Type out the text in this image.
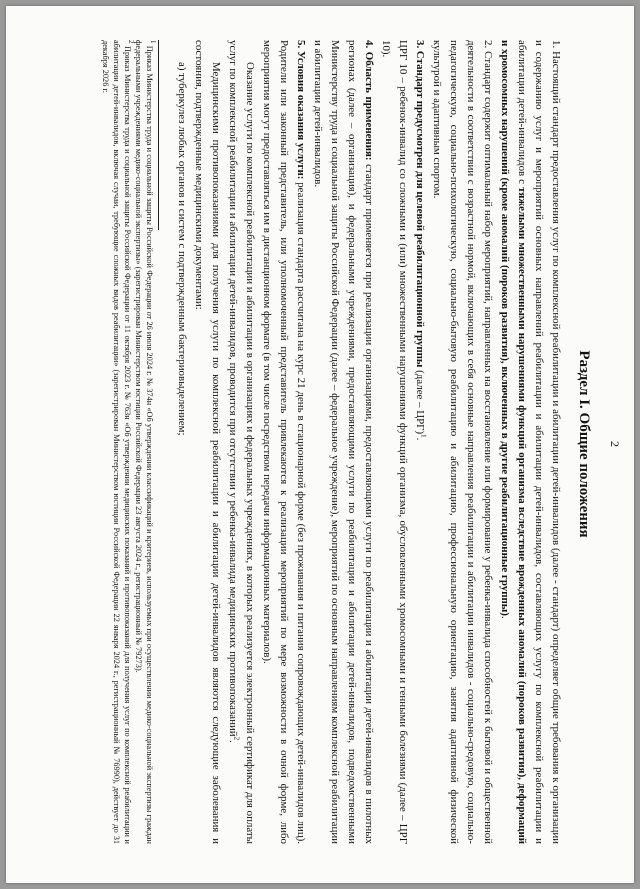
2
Раздел I. Общие положения

1. Настоящий стандарт предоставления услуг по комплексной реабилитации и абилитации детей-инвалидов (далее - стандарт) определяет общие требования к организации и содержанию услуг и мероприятий основных направлений реабилитации и абилитации детей-инвалидов, составляющих услугу по комплексной реабилитации и абилитации детей-инвалидов с тяжелыми множественными нарушениями функций организма вследствие врожденных аномалий (пороков развития), деформаций и хромосомных нарушений (кроме аномалий (пороков развития), включенных в другие реабилитационные группы).

2. Стандарт содержит оптимальный набор мероприятий, направленных на восстановление или формирование у ребенка-инвалида способностей к бытовой и общественной деятельности в соответствии с возрастной нормой, включающих в себя основные направления реабилитации и абилитации инвалидов - социально-средовую, социально-педагогическую, социально-психологическую, социально-бытовую реабилитацию и абилитацию, профессиональную ориентацию, занятия адаптивной физической культурой и адаптивным спортом.

3. Стандарт предусмотрен для целевой реабилитационной группы (далее – ЦРГ)$^1$.

ЦРГ 10 – ребенок-инвалид со сложными и (или) множественными нарушениями функций организма, обусловленными хромосомными и генными болезнями (далее – ЦРГ 10).

4. Область применения: стандарт применяется при реализации организациями, предоставляющими услуги по реабилитации и абилитации детей-инвалидов в пилотных регионах (далее – организация), и федеральными учреждениями, предоставляющими услуги по реабилитации и абилитации детей-инвалидов, подведомственными Министерству труда и социальной защиты Российской Федерации (далее – федеральное учреждение), мероприятий по основным направлениям комплексной реабилитации и абилитации детей-инвалидов.

5. Условия оказания услуги: реализация стандарта рассчитана на курс 21 день в стационарной форме (без проживания и питания сопровождающих детей-инвалидов лиц). Родители или законный представитель, или уполномоченный представитель привлекаются к реализации мероприятий по мере возможности в очной форме, либо мероприятия могут предоставляться им в дистанционном формате (в том числе посредством передачи информационных материалов).

Оказание услуги по комплексной реабилитации и абилитации в организациях и федеральных учреждениях, в которых реализуется электронный сертификат для оплаты услуг по комплексной реабилитации и абилитации детей-инвалидов, проводится при отсутствии у ребенка-инвалида медицинских противопоказаний$^2$.

Медицинскими противопоказаниями для получения услуги по комплексной реабилитации и абилитации детей-инвалидов являются следующие заболевания и состояния, подтвержденные медицинскими документами:

а) туберкулез любых органов и систем с подтвержденным бактериовыделением;

$^1$ Приказ Министерства труда и социальной защиты Российской Федерации от 26 июля 2024 г. № 374н «Об утверждении классификаций и критериев, используемых при осуществлении медико-социальной экспертизы граждан федеральными учреждениями медико-социальной экспертизы» (зарегистрирован Министерством юстиции Российской Федерации 23 августа 2024 г., регистрационный № 79273).

$^2$ Приказ Министерства труда и социальной защиты Российской Федерации от 11 октября 2023 г. № 763н «Об утверждении медицинских показаний и противопоказаний для получения услуг по комплексной реабилитации и абилитации детей-инвалидов, включая случаи, требующие сложных видов реабилитации» (зарегистрирован Министерством юстиции Российской Федерации 22 января 2024 г., регистрационный № 76990), действует до 31 декабря 2026 г.
